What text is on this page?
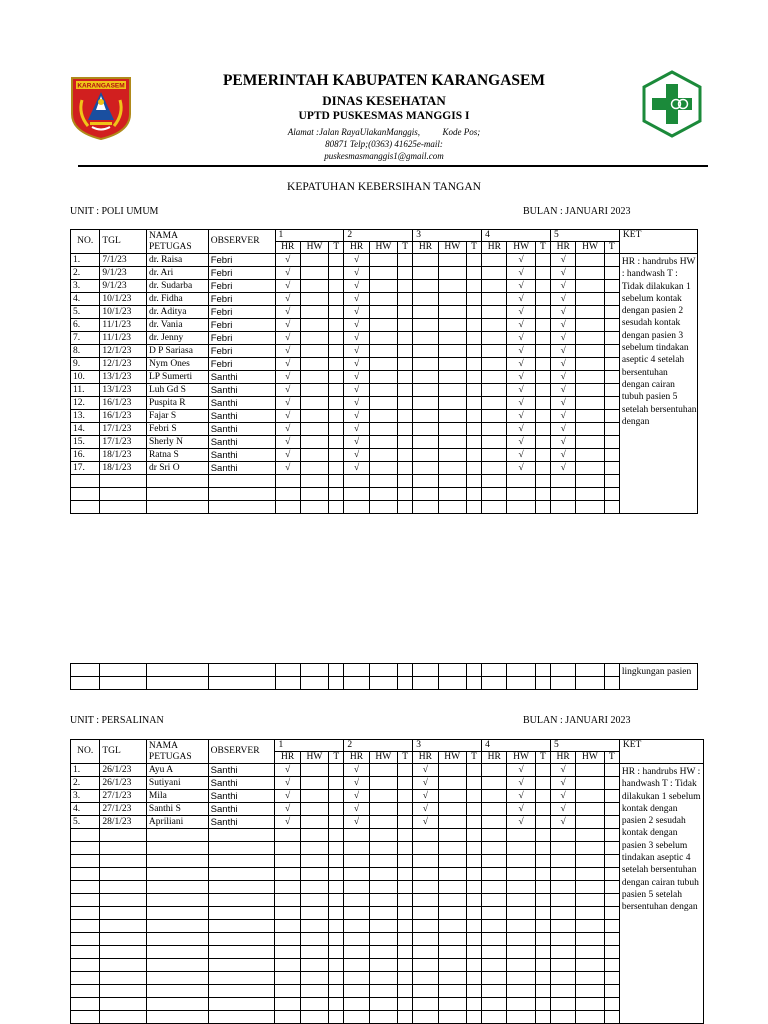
KARANGASEM	PEMERINTAH KABUPATEN KARANGASEM
DINAS KESEHATAN
UPTD PUSKESMAS MANGGIS I
Alamat :Jalan RayaUlakanManggis,          Kode Pos;
80871 Telp;(0363) 41625e-mail:
puskesmasmanggis1@gmail.com
KEPATUHAN KEBERSIHAN TANGAN
UNIT : POLI UMUM	BULAN : JANUARI 2023
NO.	TGL	NAMA PETUGAS	OBSERVER	1			2			3			4			5			KET
				HR	HW	T	HR	HW	T	HR	HW	T	HR	HW	T	HR	HW	T	
1.	7/1/23	dr. Raisa	Febri	√			√							√		√			HR : handrubs HW : handwash T : Tidak dilakukan 1 sebelum kontak dengan pasien 2 sesudah kontak dengan pasien 3 sebelum tindakan aseptic 4 setelah bersentuhan dengan cairan tubuh pasien 5 setelah bersentuhan dengan
2.	9/1/23	dr. Ari	Febri	√			√							√		√			
3.	9/1/23	dr. Sudarba	Febri	√			√							√		√			
4.	10/1/23	dr. Fidha	Febri	√			√							√		√			
5.	10/1/23	dr. Aditya	Febri	√			√							√		√			
6.	11/1/23	dr. Vania	Febri	√			√							√		√			
7.	11/1/23	dr. Jenny	Febri	√			√							√		√			
8.	12/1/23	D P Sariasa	Febri	√			√							√		√			
9.	12/1/23	Nym Ones	Febri	√			√							√		√			
10.	13/1/23	LP Sumerti	Santhi	√			√							√		√			
11.	13/1/23	Luh Gd S	Santhi	√			√							√		√			
12.	16/1/23	Puspita R	Santhi	√			√							√		√			
13.	16/1/23	Fajar S	Santhi	√			√							√		√			
14.	17/1/23	Febri S	Santhi	√			√							√		√			
15.	17/1/23	Sherly N	Santhi	√			√							√		√			
16.	18/1/23	Ratna S	Santhi	√			√							√		√			
17.	18/1/23	dr Sri O	Santhi	√			√							√		√			

																			lingkungan pasien

UNIT : PERSALINAN	BULAN : JANUARI 2023
NO.	TGL	NAMA PETUGAS	OBSERVER	1			2			3			4			5			KET
				HR	HW	T	HR	HW	T	HR	HW	T	HR	HW	T	HR	HW	T	
1.	26/1/23	Ayu A	Santhi	√			√			√				√		√			HR : handrubs HW : handwash T : Tidak dilakukan 1 sebelum kontak dengan pasien 2 sesudah kontak dengan pasien 3 sebelum tindakan aseptic 4 setelah bersentuhan dengan cairan tubuh pasien 5 setelah bersentuhan dengan
2.	26/1/23	Sutiyani	Santhi	√			√			√				√		√			
3.	27/1/23	Mila	Santhi	√			√			√				√		√			
4.	27/1/23	Santhi S	Santhi	√			√			√				√		√			
5.	28/1/23	Apriliani	Santhi	√			√			√				√		√			
